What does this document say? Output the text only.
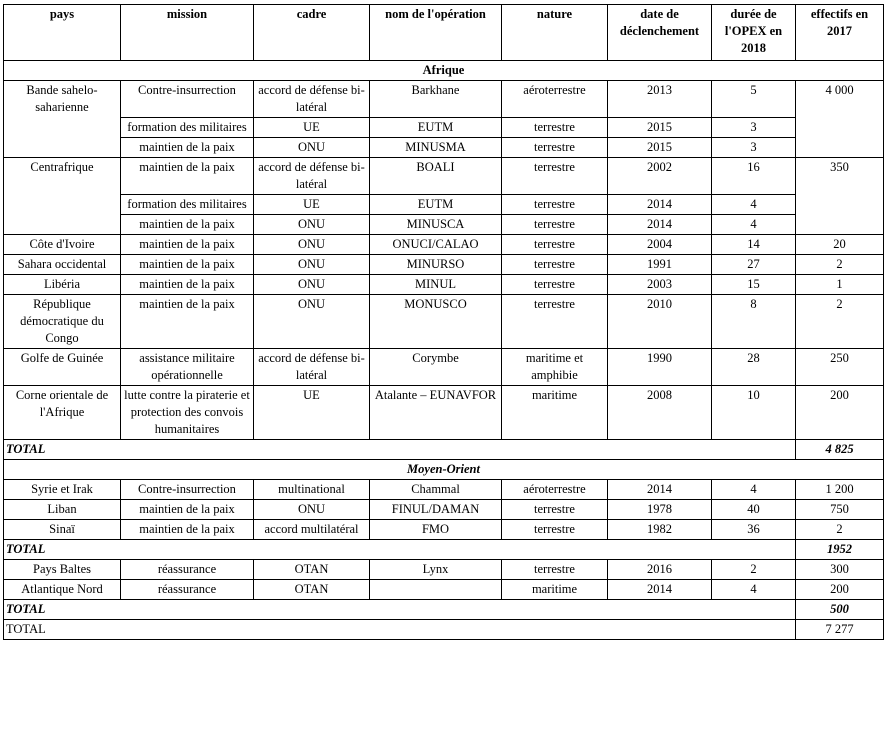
pays	mission	cadre	nom de l'opération	nature	date de déclenchement	durée de l'OPEX en 2018	effectifs en 2017
Afrique							
Bande sahelo-saharienne	Contre-insurrection	accord de défense bi-latéral	Barkhane	aéroterrestre	2013	5	4 000
	formation des militaires	UE	EUTM	terrestre	2015	3	
	maintien de la paix	ONU	MINUSMA	terrestre	2015	3	
Centrafrique	maintien de la paix	accord de défense bi-latéral	BOALI	terrestre	2002	16	350
	formation des militaires	UE	EUTM	terrestre	2014	4	
	maintien de la paix	ONU	MINUSCA	terrestre	2014	4	
Côte d'Ivoire	maintien de la paix	ONU	ONUCI/CALAO	terrestre	2004	14	20
Sahara occidental	maintien de la paix	ONU	MINURSO	terrestre	1991	27	2
Libéria	maintien de la paix	ONU	MINUL	terrestre	2003	15	1
République démocratique du Congo	maintien de la paix	ONU	MONUSCO	terrestre	2010	8	2
Golfe de Guinée	assistance militaire opérationnelle	accord de défense bi-latéral	Corymbe	maritime et amphibie	1990	28	250
Corne orientale de l'Afrique	lutte contre la piraterie et protection des convois humanitaires	UE	Atalante – EUNAVFOR	maritime	2008	10	200
TOTAL							4 825
Moyen-Orient							
Syrie et Irak	Contre-insurrection	multinational	Chammal	aéroterrestre	2014	4	1 200
Liban	maintien de la paix	ONU	FINUL/DAMAN	terrestre	1978	40	750
Sinaï	maintien de la paix	accord multilatéral	FMO	terrestre	1982	36	2
TOTAL							1952
Pays Baltes	réassurance	OTAN	Lynx	terrestre	2016	2	300
Atlantique Nord	réassurance	OTAN		maritime	2014	4	200
TOTAL							500
TOTAL							7 277
